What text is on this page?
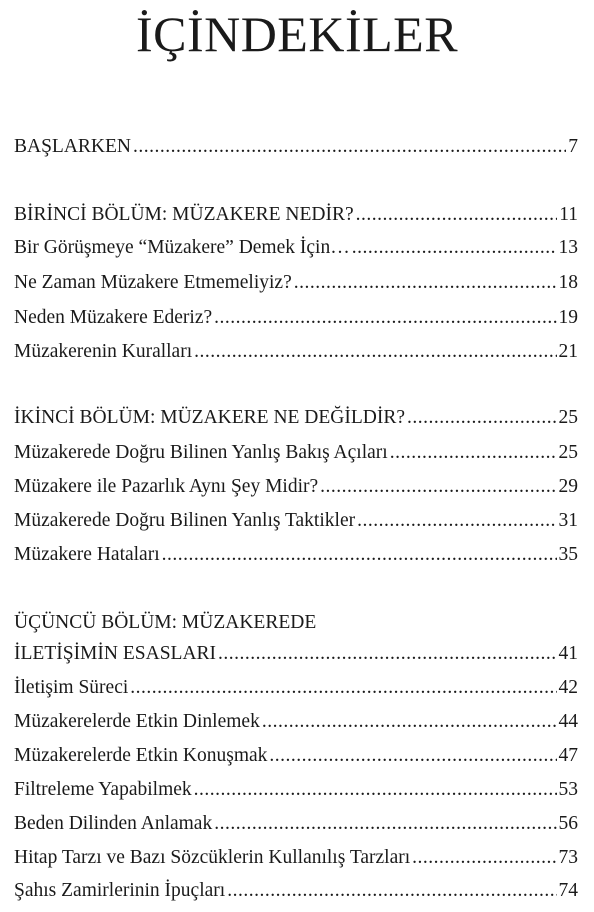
İÇİNDEKİLER
BAŞLARKEN .....	7
BİRİNCİ BÖLÜM: MÜZAKERE NEDİR? .....	11
Bir Görüşmeye “Müzakere” Demek İçin… .....	13
Ne Zaman Müzakere Etmemeliyiz? .....	18
Neden Müzakere Ederiz? .....	19
Müzakerenin Kuralları .....	21
İKİNCİ BÖLÜM: MÜZAKERE NE DEĞİLDİR? .....	25
Müzakerede Doğru Bilinen Yanlış Bakış Açıları .....	25
Müzakere ile Pazarlık Aynı Şey Midir? .....	29
Müzakerede Doğru Bilinen Yanlış Taktikler .....	31
Müzakere Hataları .....	35
ÜÇÜNCÜ BÖLÜM: MÜZAKEREDE
İLETİŞİMİN ESASLARI .....	41
İletişim Süreci .....	42
Müzakerelerde Etkin Dinlemek .....	44
Müzakerelerde Etkin Konuşmak .....	47
Filtreleme Yapabilmek .....	53
Beden Dilinden Anlamak .....	56
Hitap Tarzı ve Bazı Sözcüklerin Kullanılış Tarzları .....	73
Şahıs Zamirlerinin İpuçları .....	74
